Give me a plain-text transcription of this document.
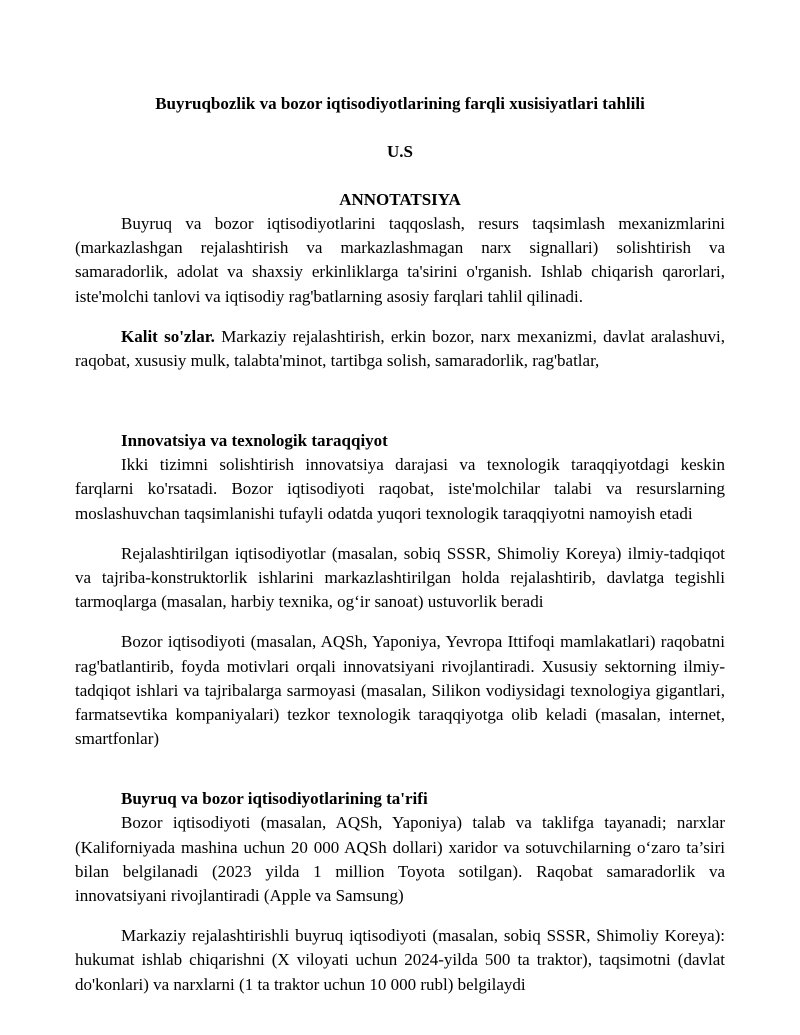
Buyruqbozlik va bozor iqtisodiyotlarining farqli xusisiyatlari tahlili

U.S

ANNOTATSIYA

Buyruq va bozor iqtisodiyotlarini taqqoslash, resurs taqsimlash mexanizmlarini (markazlashgan rejalashtirish va markazlashmagan narx signallari) solishtirish va samaradorlik, adolat va shaxsiy erkinliklarga ta'sirini o'rganish. Ishlab chiqarish qarorlari, iste'molchi tanlovi va iqtisodiy rag'batlarning asosiy farqlari tahlil qilinadi.

Kalit so'zlar. Markaziy rejalashtirish, erkin bozor, narx mexanizmi, davlat aralashuvi, raqobat, xususiy mulk, talabta'minot, tartibga solish, samaradorlik, rag'batlar,

Innovatsiya va texnologik taraqqiyot

Ikki tizimni solishtirish innovatsiya darajasi va texnologik taraqqiyotdagi keskin farqlarni ko'rsatadi. Bozor iqtisodiyoti raqobat, iste'molchilar talabi va resurslarning moslashuvchan taqsimlanishi tufayli odatda yuqori texnologik taraqqiyotni namoyish etadi

Rejalashtirilgan iqtisodiyotlar (masalan, sobiq SSSR, Shimoliy Koreya) ilmiy-tadqiqot va tajriba-konstruktorlik ishlarini markazlashtirilgan holda rejalashtirib, davlatga tegishli tarmoqlarga (masalan, harbiy texnika, og‘ir sanoat) ustuvorlik beradi

Bozor iqtisodiyoti (masalan, AQSh, Yaponiya, Yevropa Ittifoqi mamlakatlari) raqobatni rag'batlantirib, foyda motivlari orqali innovatsiyani rivojlantiradi. Xususiy sektorning ilmiy-tadqiqot ishlari va tajribalarga sarmoyasi (masalan, Silikon vodiysidagi texnologiya gigantlari, farmatsevtika kompaniyalari) tezkor texnologik taraqqiyotga olib keladi (masalan, internet, smartfonlar)

Buyruq va bozor iqtisodiyotlarining ta'rifi

Bozor iqtisodiyoti (masalan, AQSh, Yaponiya) talab va taklifga tayanadi; narxlar (Kaliforniyada mashina uchun 20 000 AQSh dollari) xaridor va sotuvchilarning o‘zaro ta’siri bilan belgilanadi (2023 yilda 1 million Toyota sotilgan). Raqobat samaradorlik va innovatsiyani rivojlantiradi (Apple va Samsung)

Markaziy rejalashtirishli buyruq iqtisodiyoti (masalan, sobiq SSSR, Shimoliy Koreya): hukumat ishlab chiqarishni (X viloyati uchun 2024-yilda 500 ta traktor), taqsimotni (davlat do'konlari) va narxlarni (1 ta traktor uchun 10 000 rubl) belgilaydi
